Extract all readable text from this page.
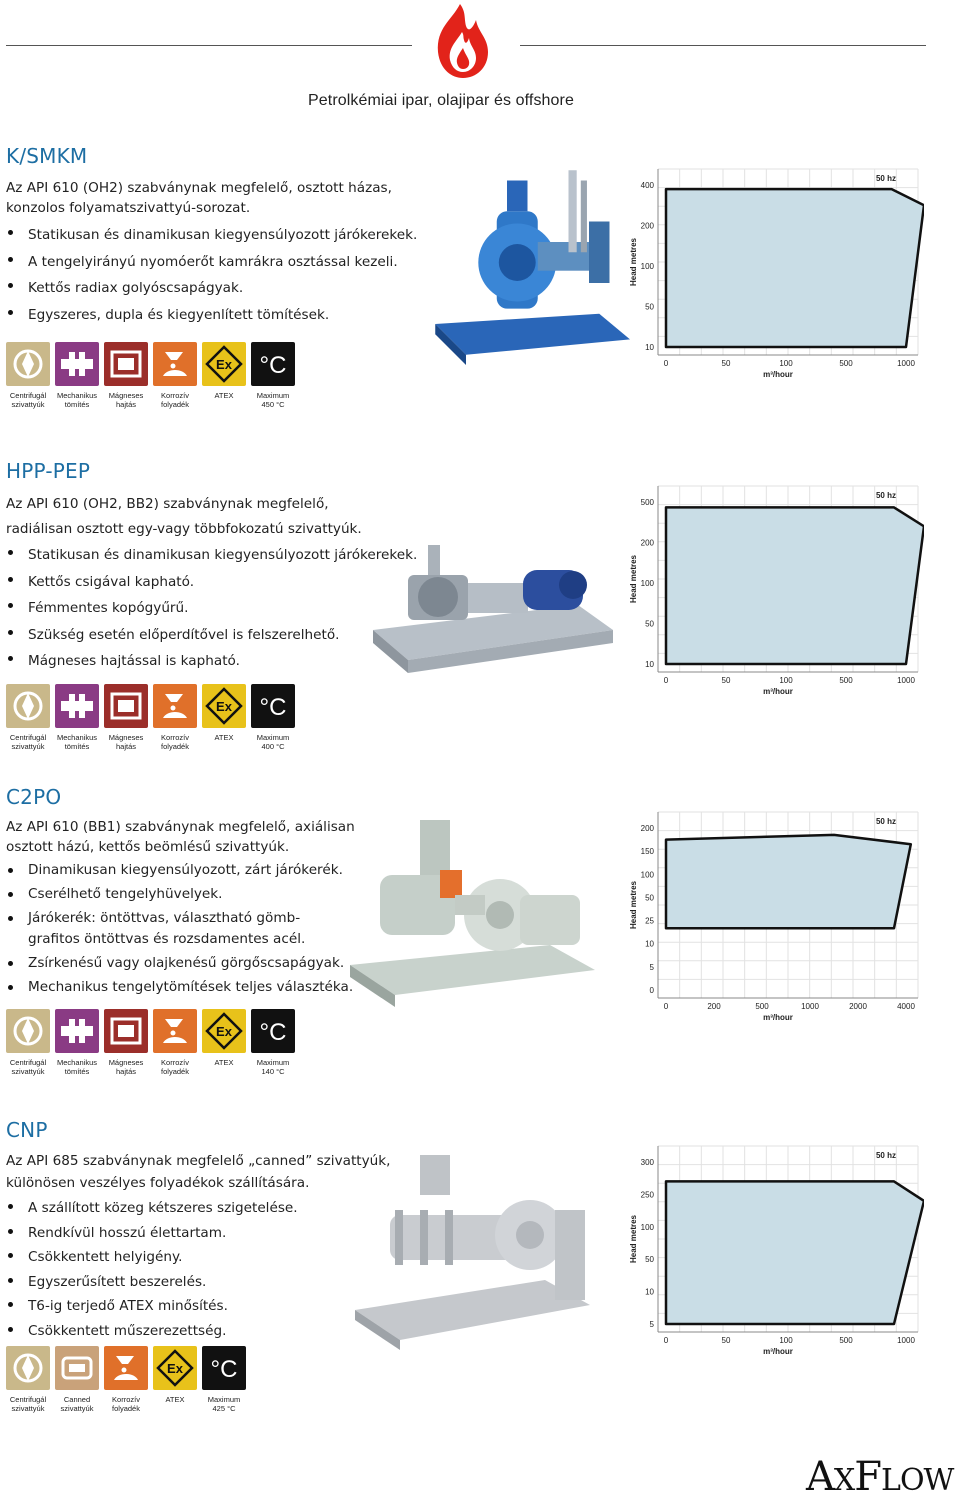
Petrolkémiai ipar, olajipar és offshore
K/SMKM
Az API 610 (OH2) szabványnak megfelelő, osztott házas,
konzolos folyamatszivattyú-sorozat.
Statikusan és dinamikusan kiegyensúlyozott járókerekek.
A tengelyirányú nyomóerőt kamrákra osztással kezeli.
Kettős radiax golyóscsapágyak.
Egyszeres, dupla és kiegyenlített tömítések.
Centrifugál
szivattyúk
Mechanikus
tömítés
Mágneses
hajtás
Korrozív
folyadék
Ex
ATEX
°C
Maximum
450 °C
400
200
100
50
10
0	50	100	500	1000
m³/hour
Head metres
50 hz
HPP-PEP
Az API 610 (OH2, BB2) szabványnak megfelelő,
radiálisan osztott egy-vagy többfokozatú szivattyúk.
Statikusan és dinamikusan kiegyensúlyozott járókerekek.
Kettős csigával kapható.
Fémmentes kopógyűrű.
Szükség esetén előperdítővel is felszerelhető.
Mágneses hajtással is kapható.
Centrifugál
szivattyúk
Mechanikus
tömítés
Mágneses
hajtás
Korrozív
folyadék
Ex
ATEX
°C
Maximum
400 °C
500
200
100
50
10
0	50	100	500	1000
m³/hour
Head metres
50 hz
C2PO
Az API 610 (BB1) szabványnak megfelelő, axiálisan
osztott házú, kettős beömlésű szivattyúk.
Dinamikusan kiegyensúlyozott, zárt járókerék.
Cserélhető tengelyhüvelyek.
Járókerék: öntöttvas, választható gömb-
grafitos öntöttvas és rozsdamentes acél.
Zsírkenésű vagy olajkenésű görgőscsapágyak.
Mechanikus tengelytömítések teljes választéka.
Centrifugál
szivattyúk
Mechanikus
tömítés
Mágneses
hajtás
Korrozív
folyadék
Ex
ATEX
°C
Maximum
140 °C
200
150
100
50
25
10
5
0
0	200	500	1000	2000	4000
m³/hour
Head metres
50 hz
CNP
Az API 685 szabványnak megfelelő „canned” szivattyúk,
különösen veszélyes folyadékok szállítására.
A szállított közeg kétszeres szigetelése.
Rendkívül hosszú élettartam.
Csökkentett helyigény.
Egyszerűsített beszerelés.
T6-ig terjedő ATEX minősítés.
Csökkentett műszerezettség.
Centrifugál
szivattyúk
Canned
szivattyúk
Korrozív
folyadék
Ex
ATEX
°C
Maximum
425 °C
300
250
100
50
10
5
0	50	100	500	1000
m³/hour
Head metres
50 hz
AXFLOW
